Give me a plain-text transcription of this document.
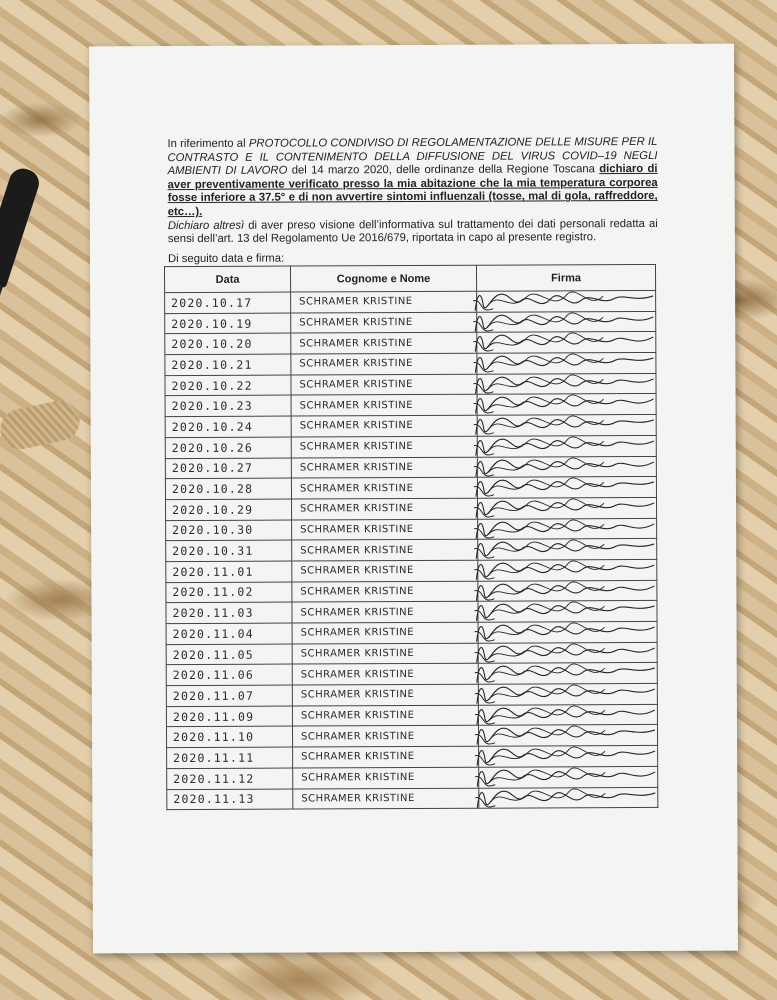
In riferimento al PROTOCOLLO CONDIVISO DI REGOLAMENTAZIONE DELLE MISURE PER IL CONTRASTO E IL CONTENIMENTO DELLA DIFFUSIONE DEL VIRUS COVID–19 NEGLI AMBIENTI DI LAVORO del 14 marzo 2020, delle ordinanze della Regione Toscana dichiaro di aver preventivamente verificato presso la mia abitazione che la mia temperatura corporea fosse inferiore a 37.5° e di non avvertire sintomi influenzali (tosse, mal di gola, raffreddore, etc…).

Dichiaro altresì di aver preso visione dell’informativa sul trattamento dei dati personali redatta ai sensi dell’art. 13 del Regolamento Ue 2016/679, riportata in capo al presente registro.

Di seguito data e firma:
Data	Cognome e Nome	Firma
2020.10.17	SCHRAMER KRISTINE	

2020.10.19	SCHRAMER KRISTINE	

2020.10.20	SCHRAMER KRISTINE	

2020.10.21	SCHRAMER KRISTINE	

2020.10.22	SCHRAMER KRISTINE	

2020.10.23	SCHRAMER KRISTINE	

2020.10.24	SCHRAMER KRISTINE	

2020.10.26	SCHRAMER KRISTINE	

2020.10.27	SCHRAMER KRISTINE	

2020.10.28	SCHRAMER KRISTINE	

2020.10.29	SCHRAMER KRISTINE	

2020.10.30	SCHRAMER KRISTINE	

2020.10.31	SCHRAMER KRISTINE	

2020.11.01	SCHRAMER KRISTINE	

2020.11.02	SCHRAMER KRISTINE	

2020.11.03	SCHRAMER KRISTINE	

2020.11.04	SCHRAMER KRISTINE	

2020.11.05	SCHRAMER KRISTINE	

2020.11.06	SCHRAMER KRISTINE	

2020.11.07	SCHRAMER KRISTINE	

2020.11.09	SCHRAMER KRISTINE	

2020.11.10	SCHRAMER KRISTINE	

2020.11.11	SCHRAMER KRISTINE	

2020.11.12	SCHRAMER KRISTINE	

2020.11.13	SCHRAMER KRISTINE	
